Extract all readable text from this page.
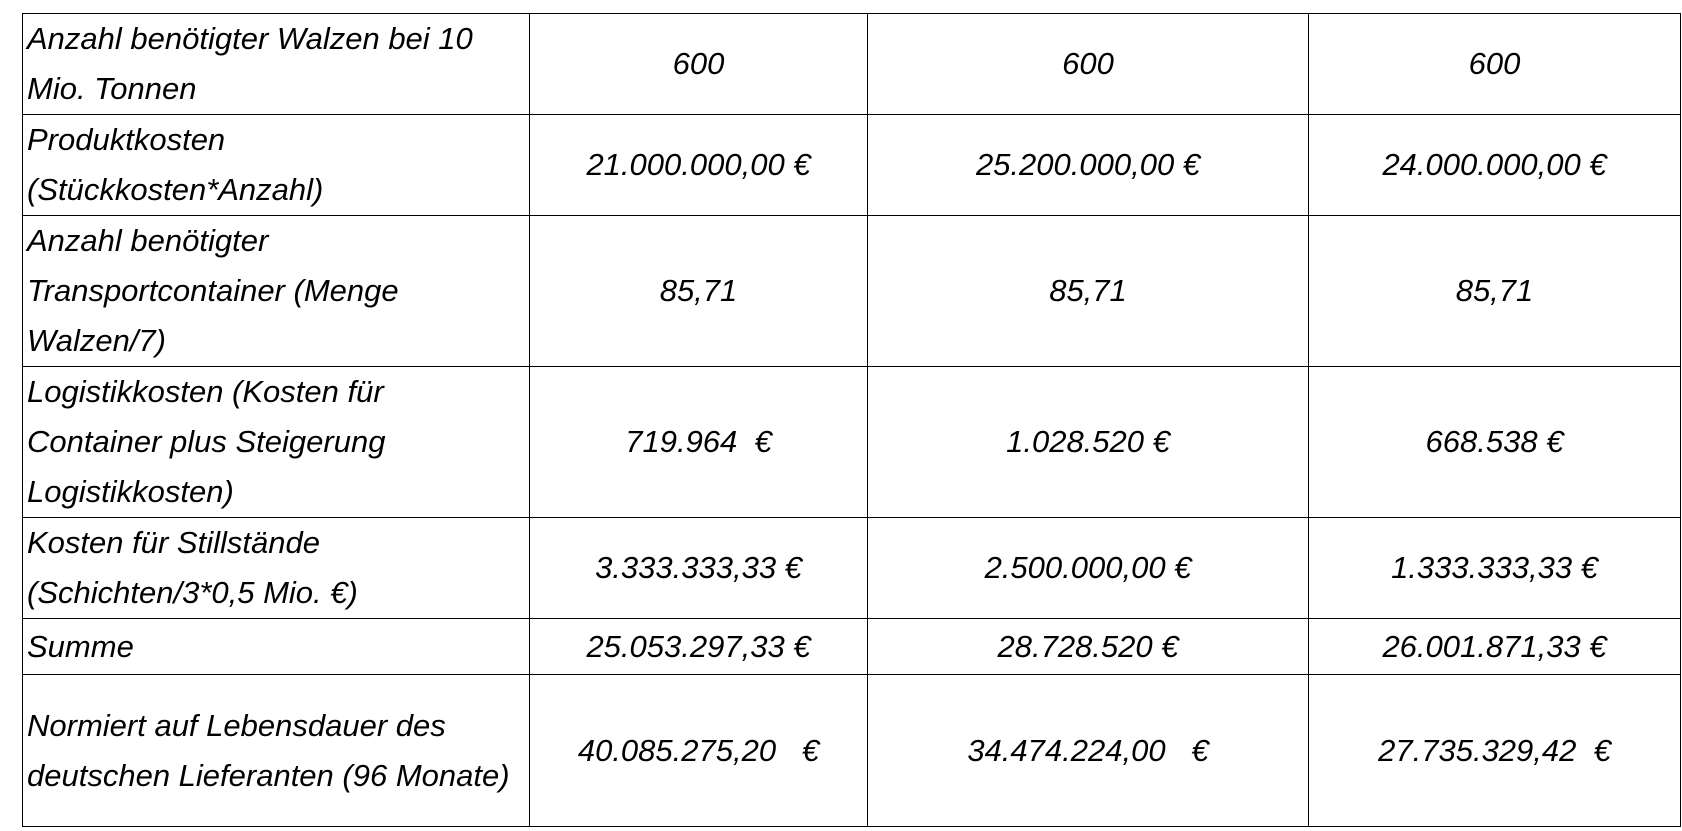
Anzahl benötigter Walzen bei 10 Mio. Tonnen	600	600	600
Produktkosten (Stückkosten*Anzahl)	21.000.000,00 €	25.200.000,00 €	24.000.000,00 €
Anzahl benötigter Transportcontainer (Menge Walzen/7)	85,71	85,71	85,71
Logistikkosten (Kosten für Container plus Steigerung Logistikkosten)	719.964  €	1.028.520 €	668.538 €
Kosten für Stillstände (Schichten/3*0,5 Mio. €)	3.333.333,33 €	2.500.000,00 €	1.333.333,33 €
Summe	25.053.297,33 €	28.728.520 €	26.001.871,33 €
Normiert auf Lebensdauer des deutschen Lieferanten (96 Monate)	40.085.275,20   €	34.474.224,00   €	27.735.329,42  €
